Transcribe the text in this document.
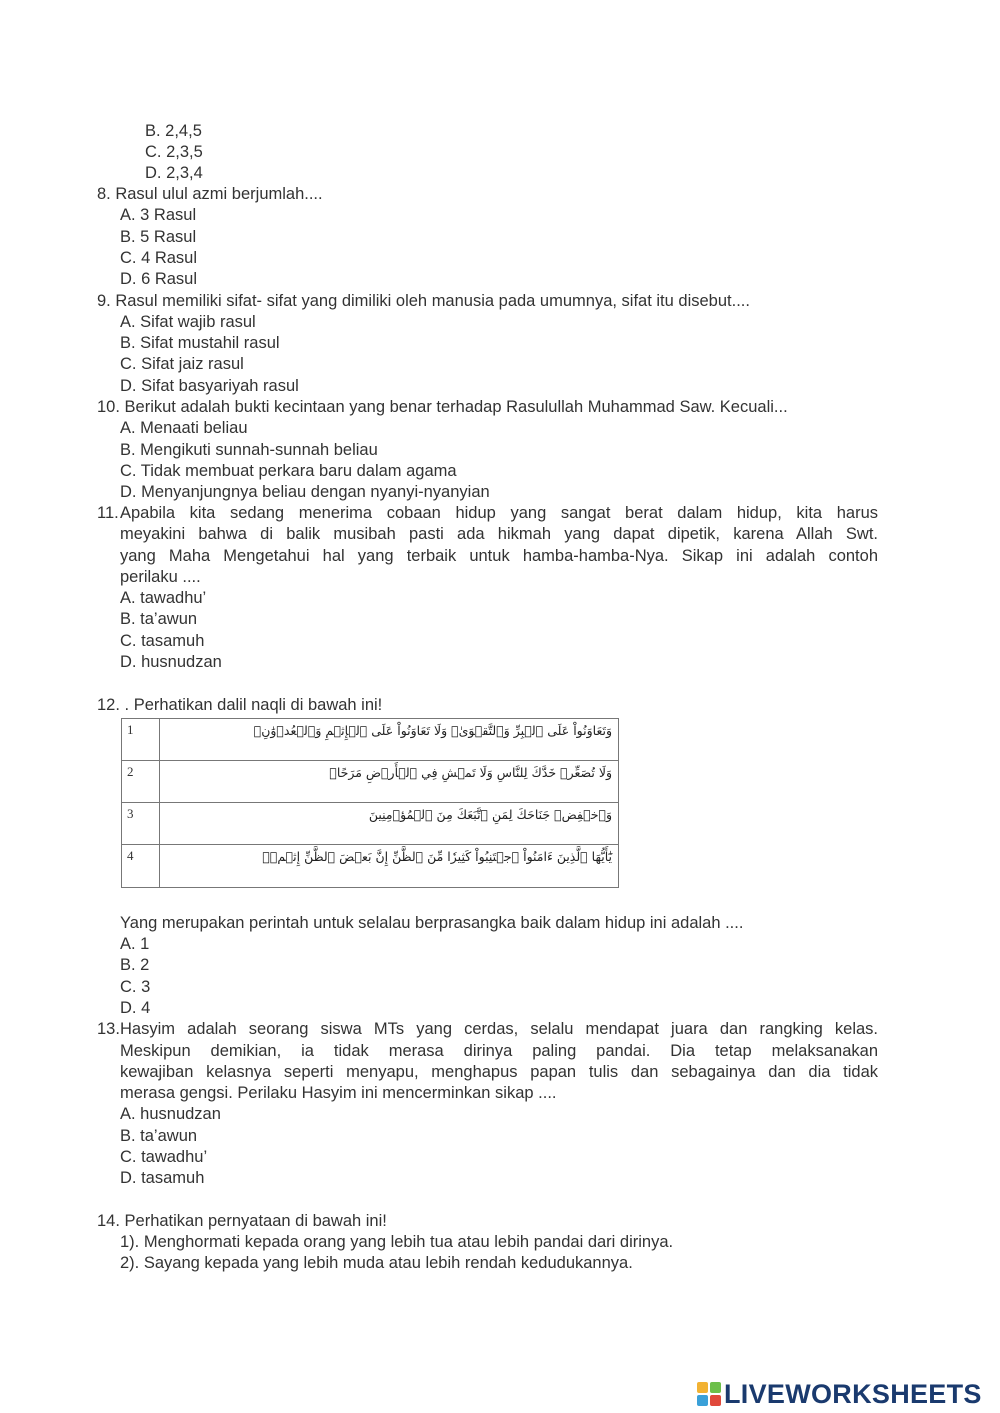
B. 2,4,5
C. 2,3,5
D. 2,3,4
8. Rasul ulul azmi berjumlah....
A. 3 Rasul
B. 5 Rasul
C. 4 Rasul
D. 6 Rasul
9. Rasul memiliki sifat- sifat yang dimiliki oleh manusia pada umumnya, sifat itu disebut....
A. Sifat wajib rasul
B. Sifat mustahil rasul
C. Sifat jaiz rasul
D. Sifat basyariyah rasul
10. Berikut adalah bukti kecintaan yang benar terhadap Rasulullah Muhammad Saw. Kecuali...
A. Menaati beliau
B. Mengikuti sunnah-sunnah beliau
C. Tidak membuat perkara baru dalam agama
D. Menyanjungnya beliau dengan nyanyi-nyanyian
11. Apabila kita sedang menerima cobaan hidup yang sangat berat dalam hidup, kita harus
meyakini bahwa di balik musibah pasti ada hikmah yang dapat dipetik, karena Allah Swt.
yang Maha Mengetahui hal yang terbaik untuk hamba-hamba-Nya. Sikap ini adalah contoh
perilaku ....
A. tawadhu’
B. ta’awun
C. tasamuh
D. husnudzan
12. . Perhatikan dalil naqli di bawah ini!
1	وَتَعَاوَنُواْ عَلَى ٱلۡبِرِّ وَٱلتَّقۡوَىٰۖ وَلَا تَعَاوَنُواْ عَلَى ٱلۡإِثۡمِ وَٱلۡعُدۡوَٰنِۚ
2	وَلَا تُصَعِّرۡ خَدَّكَ لِلنَّاسِ وَلَا تَمۡشِ فِي ٱلۡأَرۡضِ مَرَحًاۖ
3	وَٱخۡفِضۡ جَنَاحَكَ لِمَنِ ٱتَّبَعَكَ مِنَ ٱلۡمُؤۡمِنِينَ
4	يَٰٓأَيُّهَا ٱلَّذِينَ ءَامَنُواْ ٱجۡتَنِبُواْ كَثِيرٗا مِّنَ ٱلظَّنِّ إِنَّ بَعۡضَ ٱلظَّنِّ إِثۡمٞۖ
Yang merupakan perintah untuk selalau berprasangka baik dalam hidup ini adalah ....
A. 1
B. 2
C. 3
D. 4
13. Hasyim adalah seorang siswa MTs yang cerdas, selalu mendapat juara dan rangking kelas.
Meskipun demikian, ia tidak merasa dirinya paling pandai. Dia tetap melaksanakan
kewajiban kelasnya seperti menyapu, menghapus papan tulis dan sebagainya dan dia tidak
merasa gengsi. Perilaku Hasyim ini mencerminkan sikap ....
A. husnudzan
B. ta’awun
C. tawadhu’
D. tasamuh
14. Perhatikan pernyataan di bawah ini!
1). Menghormati kepada orang yang lebih tua atau lebih pandai dari dirinya.
2). Sayang kepada yang lebih muda atau lebih rendah kedudukannya.
LIVEWORKSHEETS
